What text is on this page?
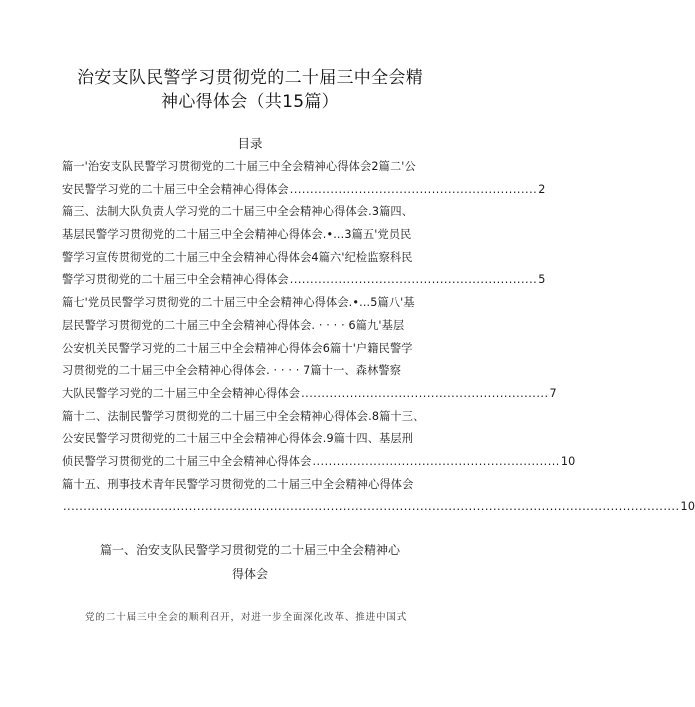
治安支队民警学习贯彻党的二十届三中全会精
神心得体会（共15篇）
目录
篇一'治安支队民警学习贯彻党的二十届三中全会精神心得体会2篇二'公
安民警学习党的二十届三中全会精神心得体会 ............................................................. 2
篇三、法制大队负责人学习党的二十届三中全会精神心得体会.3篇四、
基层民警学习贯彻党的二十届三中全会精神心得体会.•...3篇五'党员民
警学习宣传贯彻党的二十届三中全会精神心得体会4篇六'纪检监察科民
警学习贯彻党的二十届三中全会精神心得体会 ............................................................. 5
篇七'党员民警学习贯彻党的二十届三中全会精神心得体会.•...5篇八'基
层民警学习贯彻党的二十届三中全会精神心得体会. · · · · 6篇九'基层
公安机关民警学习党的二十届三中全会精神心得体会6篇十'户籍民警学
习贯彻党的二十届三中全会精神心得体会. · · · · 7篇十一、森林警察
大队民警学习党的二十届三中全会精神心得体会 ............................................................. 7
篇十二、法制民警学习贯彻党的二十届三中全会精神心得体会.8篇十三、
公安民警学习贯彻党的二十届三中全会精神心得体会.9篇十四、基层刑
侦民警学习贯彻党的二十届三中全会精神心得体会 ............................................................. 10
篇十五、刑事技术青年民警学习贯彻党的二十届三中全会精神心得体会
........................................................................................................................................................ 10
篇一、治安支队民警学习贯彻党的二十届三中全会精神心
得体会
党的二十届三中全会的顺利召开，对进一步全面深化改革、推进中国式
